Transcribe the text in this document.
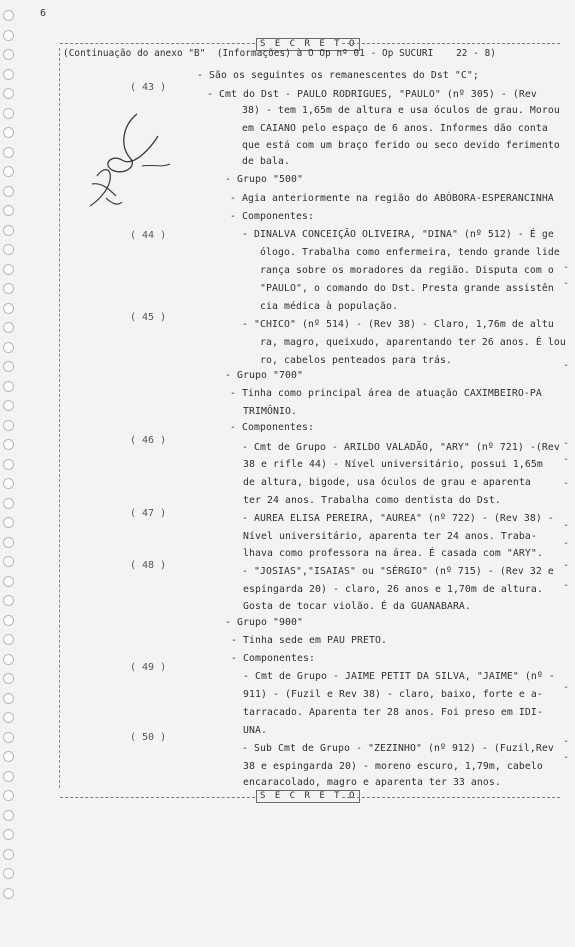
6
S E C R E T O
(Continuação do anexo "B"  (Informações) à O Op nº 01 - Op SUCURI    22 - 8)
- São os seguintes os remanescentes do Dst "C";
- Cmt do Dst - PAULO RODRIGUES, "PAULO" (nº 305) - (Rev
38) - tem 1,65m de altura e usa óculos de grau. Morou
em CAIANO pelo espaço de 6 anos. Informes dão conta
que está com um braço ferido ou seco devido ferimento
de bala.
- Grupo "500"
- Agia anteriormente na região do ABÓBORA-ESPERANCINHA
- Componentes:
- DINALVA CONCEIÇÃO OLIVEIRA, "DINA" (nº 512) - É ge
ólogo. Trabalha como enfermeira, tendo grande lide
rança sobre os moradores da região. Disputa com o
"PAULO", o comando do Dst. Presta grande assistên
cia médica à população.
- "CHICO" (nº 514) - (Rev 38) - Claro, 1,76m de altu
ra, magro, queixudo, aparentando ter 26 anos. É lou
ro, cabelos penteados para trás.
- Grupo "700"
- Tinha como principal área de atuação CAXIMBEIRO-PA
TRIMÔNIO.
- Componentes:
- Cmt de Grupo - ARILDO VALADÃO, "ARY" (nº 721) -(Rev
38 e rifle 44) - Nível universitário, possui 1,65m
de altura, bigode, usa óculos de grau e aparenta
ter 24 anos. Trabalha como dentista do Dst.
- AUREA ELISA PEREIRA, "AUREA" (nº 722) - (Rev 38) -
Nível universitário, aparenta ter 24 anos. Traba-
lhava como professora na área. É casada com "ARY".
- "JOSIAS","ISAIAS" ou "SÉRGIO" (nº 715) - (Rev 32 e
espingarda 20) - claro, 26 anos e 1,70m de altura.
Gosta de tocar violão. É da GUANABARA.
- Grupo "900"
- Tinha sede em PAU PRETO.
- Componentes:
- Cmt de Grupo - JAIME PETIT DA SILVA, "JAIME" (nº -
911) - (Fuzil e Rev 38) - claro, baixo, forte e a-
tarracado. Aparenta ter 28 anos. Foi preso em IDI-
UNA.
- Sub Cmt de Grupo - "ZEZINHO" (nº 912) - (Fuzil,Rev
38 e espingarda 20) - moreno escuro, 1,79m, cabelo
encaracolado, magro e aparenta ter 33 anos.
( 43 )
( 44 )
( 45 )
( 46 )
( 47 )
( 48 )
( 49 )
( 50 )
-
-
-
-
-
-
-
-
-
-
-
-
-
S E C R E T O
